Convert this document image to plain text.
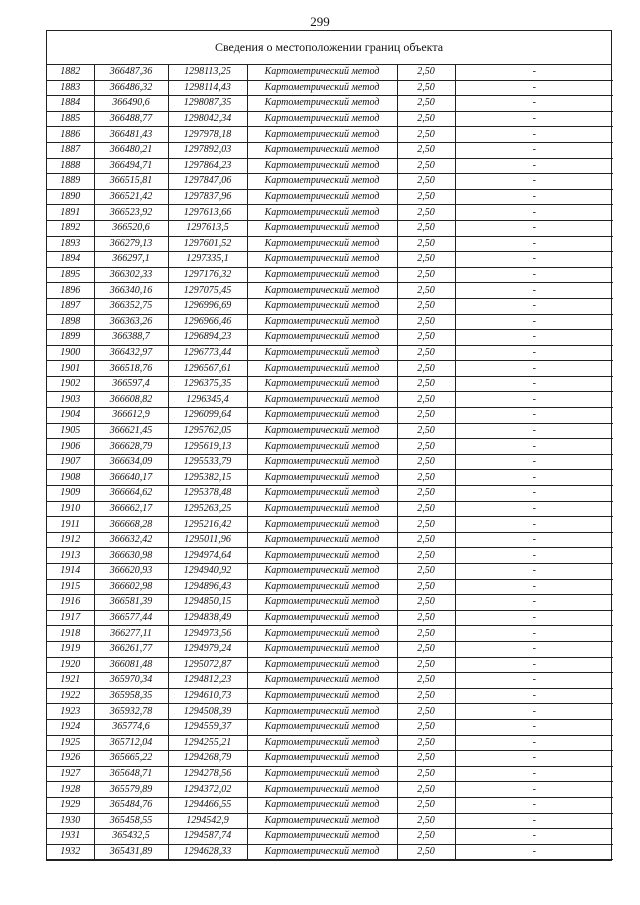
299
Сведения о местоположении границ объекта
1882	366487,36	1298113,25	Картометрический метод	2,50	-
1883	366486,32	1298114,43	Картометрический метод	2,50	-
1884	366490,6	1298087,35	Картометрический метод	2,50	-
1885	366488,77	1298042,34	Картометрический метод	2,50	-
1886	366481,43	1297978,18	Картометрический метод	2,50	-
1887	366480,21	1297892,03	Картометрический метод	2,50	-
1888	366494,71	1297864,23	Картометрический метод	2,50	-
1889	366515,81	1297847,06	Картометрический метод	2,50	-
1890	366521,42	1297837,96	Картометрический метод	2,50	-
1891	366523,92	1297613,66	Картометрический метод	2,50	-
1892	366520,6	1297613,5	Картометрический метод	2,50	-
1893	366279,13	1297601,52	Картометрический метод	2,50	-
1894	366297,1	1297335,1	Картометрический метод	2,50	-
1895	366302,33	1297176,32	Картометрический метод	2,50	-
1896	366340,16	1297075,45	Картометрический метод	2,50	-
1897	366352,75	1296996,69	Картометрический метод	2,50	-
1898	366363,26	1296966,46	Картометрический метод	2,50	-
1899	366388,7	1296894,23	Картометрический метод	2,50	-
1900	366432,97	1296773,44	Картометрический метод	2,50	-
1901	366518,76	1296567,61	Картометрический метод	2,50	-
1902	366597,4	1296375,35	Картометрический метод	2,50	-
1903	366608,82	1296345,4	Картометрический метод	2,50	-
1904	366612,9	1296099,64	Картометрический метод	2,50	-
1905	366621,45	1295762,05	Картометрический метод	2,50	-
1906	366628,79	1295619,13	Картометрический метод	2,50	-
1907	366634,09	1295533,79	Картометрический метод	2,50	-
1908	366640,17	1295382,15	Картометрический метод	2,50	-
1909	366664,62	1295378,48	Картометрический метод	2,50	-
1910	366662,17	1295263,25	Картометрический метод	2,50	-
1911	366668,28	1295216,42	Картометрический метод	2,50	-
1912	366632,42	1295011,96	Картометрический метод	2,50	-
1913	366630,98	1294974,64	Картометрический метод	2,50	-
1914	366620,93	1294940,92	Картометрический метод	2,50	-
1915	366602,98	1294896,43	Картометрический метод	2,50	-
1916	366581,39	1294850,15	Картометрический метод	2,50	-
1917	366577,44	1294838,49	Картометрический метод	2,50	-
1918	366277,11	1294973,56	Картометрический метод	2,50	-
1919	366261,77	1294979,24	Картометрический метод	2,50	-
1920	366081,48	1295072,87	Картометрический метод	2,50	-
1921	365970,34	1294812,23	Картометрический метод	2,50	-
1922	365958,35	1294610,73	Картометрический метод	2,50	-
1923	365932,78	1294508,39	Картометрический метод	2,50	-
1924	365774,6	1294559,37	Картометрический метод	2,50	-
1925	365712,04	1294255,21	Картометрический метод	2,50	-
1926	365665,22	1294268,79	Картометрический метод	2,50	-
1927	365648,71	1294278,56	Картометрический метод	2,50	-
1928	365579,89	1294372,02	Картометрический метод	2,50	-
1929	365484,76	1294466,55	Картометрический метод	2,50	-
1930	365458,55	1294542,9	Картометрический метод	2,50	-
1931	365432,5	1294587,74	Картометрический метод	2,50	-
1932	365431,89	1294628,33	Картометрический метод	2,50	-
